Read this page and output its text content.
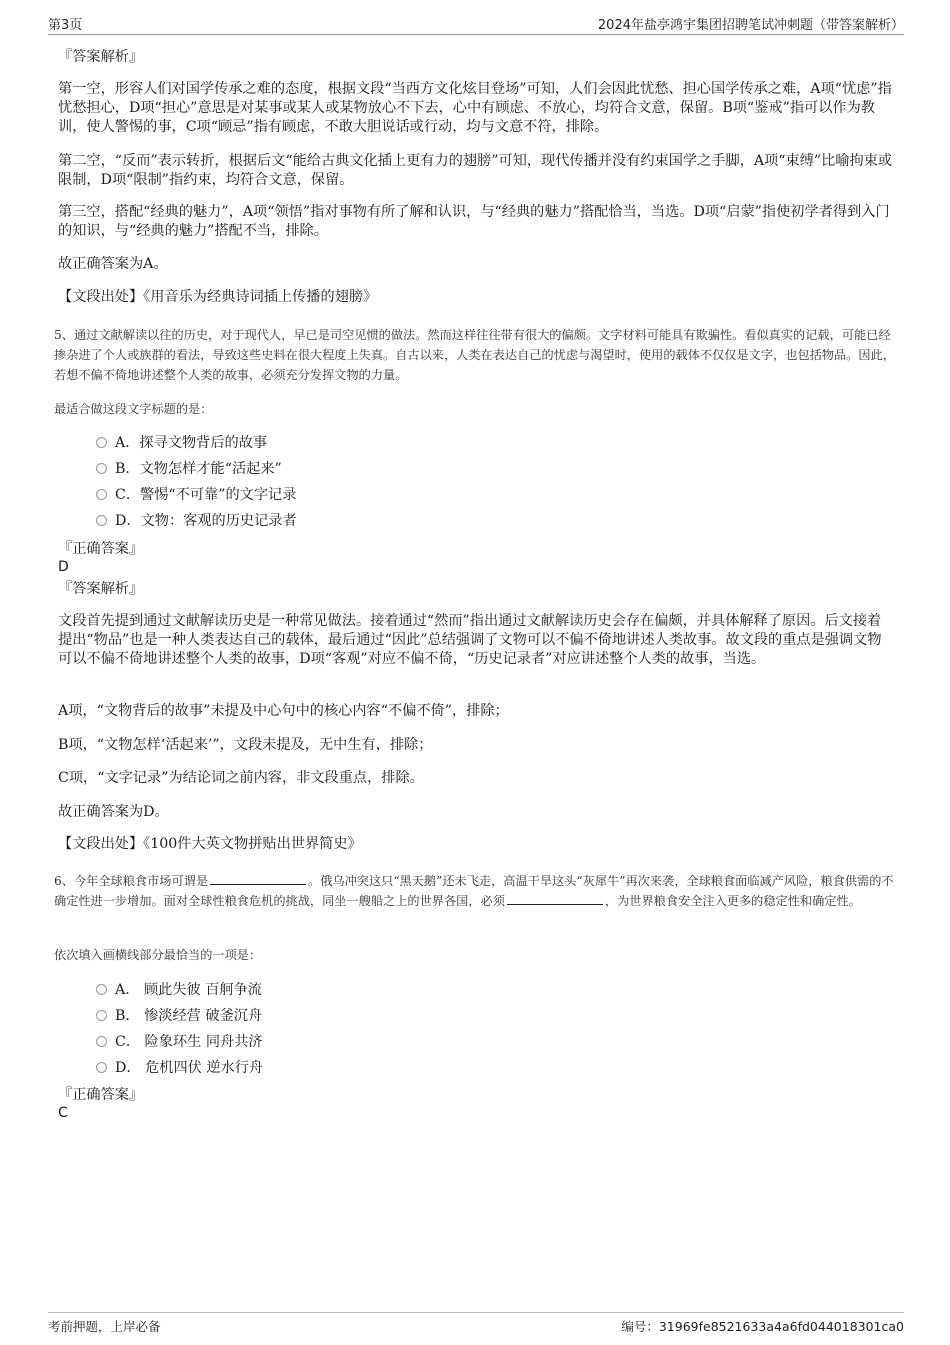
第3页	2024年盐亭鸿宇集团招聘笔试冲刺题（带答案解析）
『答案解析』

第一空，形容人们对国学传承之难的态度，根据文段“当西方文化炫目登场”可知，人们会因此忧愁、担心国学传承之难，A项“忧虑”指忧愁担心，D项“担心”意思是对某事或某人或某物放心不下去，心中有顾虑、不放心，均符合文意，保留。B项“鉴戒”指可以作为教训，使人警惕的事，C项“顾忌”指有顾虑，不敢大胆说话或行动，均与文意不符，排除。

第二空，“反而”表示转折，根据后文“能给古典文化插上更有力的翅膀”可知，现代传播并没有约束国学之手脚，A项“束缚”比喻拘束或限制，D项“限制”指约束，均符合文意，保留。

第三空，搭配“经典的魅力”，A项“领悟”指对事物有所了解和认识，与“经典的魅力”搭配恰当，当选。D项“启蒙”指使初学者得到入门的知识，与“经典的魅力”搭配不当，排除。

故正确答案为A。

【文段出处】《用音乐为经典诗词插上传播的翅膀》

5、通过文献解读以往的历史，对于现代人，早已是司空见惯的做法。然而这样往往带有很大的偏颇。文字材料可能具有欺骗性。看似真实的记载，可能已经掺杂进了个人或族群的看法，导致这些史料在很大程度上失真。自古以来，人类在表达自己的忧虑与渴望时，使用的载体不仅仅是文字，也包括物品。因此，若想不偏不倚地讲述整个人类的故事，必须充分发挥文物的力量。

最适合做这段文字标题的是：

A．探寻文物背后的故事
B．文物怎样才能“活起来”
C．警惕“不可靠”的文字记录
D．文物：客观的历史记录者
『正确答案』
D
『答案解析』

文段首先提到通过文献解读历史是一种常见做法。接着通过“然而”指出通过文献解读历史会存在偏颇，并具体解释了原因。后文接着提出“物品”也是一种人类表达自己的载体，最后通过“因此”总结强调了文物可以不偏不倚地讲述人类故事。故文段的重点是强调文物可以不偏不倚地讲述整个人类的故事，D项“客观”对应不偏不倚，“历史记录者”对应讲述整个人类的故事，当选。

A项，“文物背后的故事”未提及中心句中的核心内容“不偏不倚”，排除；

B项，“文物怎样‘活起来’”，文段未提及，无中生有，排除；

C项，“文字记录”为结论词之前内容，非文段重点，排除。

故正确答案为D。

【文段出处】《100件大英文物拼贴出世界简史》

6、今年全球粮食市场可谓是	。俄乌冲突这只“黑天鹅”还未飞走，高温干旱这头“灰犀牛”再次来袭，全球粮食面临减产风险，粮食供需的不确定性进一步增加。面对全球性粮食危机的挑战，同坐一艘船之上的世界各国，必须	，为世界粮食安全注入更多的稳定性和确定性。

依次填入画横线部分最恰当的一项是：

A． 顾此失彼 百舸争流
B． 惨淡经营 破釜沉舟
C． 险象环生 同舟共济
D． 危机四伏 逆水行舟
『正确答案』
C
考前押题，上岸必备	编号：31969fe8521633a4a6fd044018301ca0
